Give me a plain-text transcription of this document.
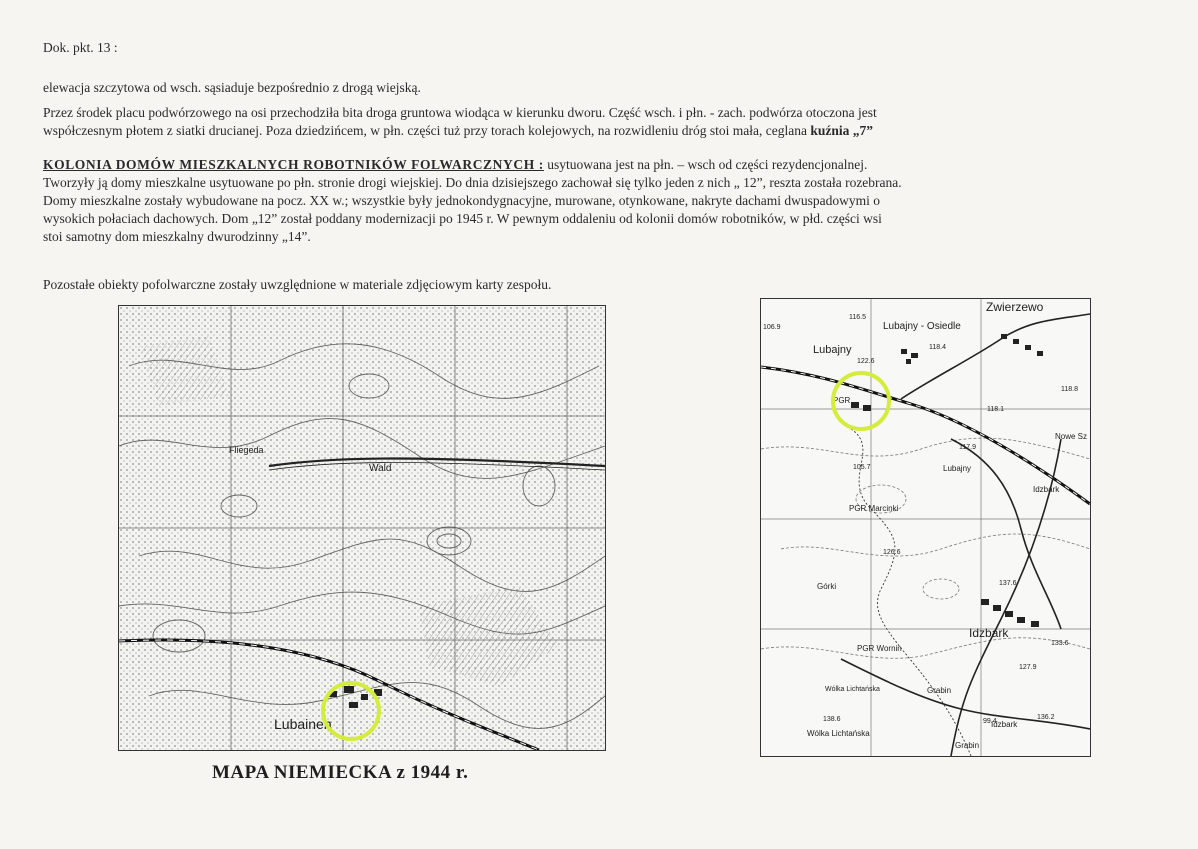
Dok. pkt. 13 :
elewacja szczytowa od wsch. sąsiaduje bezpośrednio z drogą wiejską.
Przez środek placu podwórzowego na osi przechodziła bita droga gruntowa wiodąca w kierunku dworu. Część wsch. i płn. - zach. podwórza otoczona jest
współczesnym płotem z siatki drucianej. Poza dziedzińcem, w płn. części tuż przy torach kolejowych, na rozwidleniu dróg stoi mała, ceglana kuźnia „7”
KOLONIA DOMÓW MIESZKALNYCH ROBOTNIKÓW FOLWARCZNYCH : usytuowana jest na płn. – wsch od części rezydencjonalnej.
Tworzyły ją domy mieszkalne usytuowane po płn. stronie drogi wiejskiej. Do dnia dzisiejszego zachował się tylko jeden z nich „ 12”, reszta została rozebrana.
Domy mieszkalne zostały wybudowane na pocz. XX w.; wszystkie były jednokondygnacyjne, murowane, otynkowane, nakryte dachami dwuspadowymi o
wysokich połaciach dachowych. Dom „12” został poddany modernizacji po 1945 r. W pewnym oddaleniu od kolonii domów robotników, w płd. części wsi
stoi samotny dom mieszkalny dwurodzinny „14”.
Pozostałe obiekty pofolwarczne zostały uwzględnione w materiale zdjęciowym karty zespołu.
Lubainen
Fliegeda
Wald
MAPA NIEMIECKA z 1944 r.
Zwierzewo
Lubajny - Osiedle
Lubajny
PGR
Lubajny
PGR Marcinki
Nowe Sz
Idzbark
Górki
Idzbark
PGR Wornin
Wólka Lichtańska
Wólka Lichtańska
Grabin
Idzbark
Grabin
116.5
122.6
118.4
118.1
118.8
117.9
105.7
126.6
137.6
133.6
127.9
138.6	136.2
106.9
99.4
